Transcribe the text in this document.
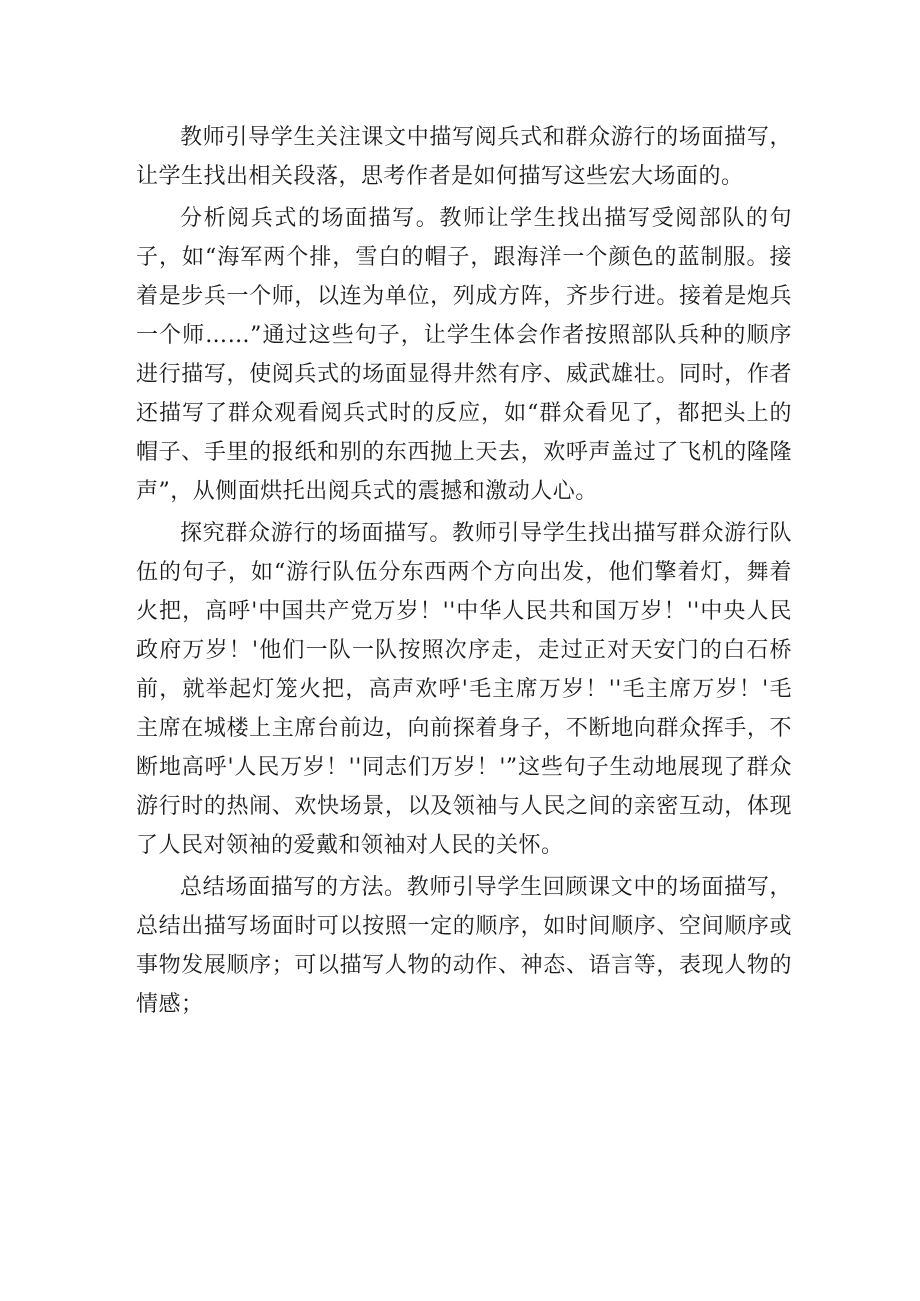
教师引导学生关注课文中描写阅兵式和群众游行的场面描写，让学生找出相关段落，思考作者是如何描写这些宏大场面的。

分析阅兵式的场面描写。教师让学生找出描写受阅部队的句子，如“海军两个排，雪白的帽子，跟海洋一个颜色的蓝制服。接着是步兵一个师，以连为单位，列成方阵，齐步行进。接着是炮兵一个师……”通过这些句子，让学生体会作者按照部队兵种的顺序进行描写，使阅兵式的场面显得井然有序、威武雄壮。同时，作者还描写了群众观看阅兵式时的反应，如“群众看见了，都把头上的帽子、手里的报纸和别的东西抛上天去，欢呼声盖过了飞机的隆隆声”，从侧面烘托出阅兵式的震撼和激动人心。

探究群众游行的场面描写。教师引导学生找出描写群众游行队伍的句子，如“游行队伍分东西两个方向出发，他们擎着灯，舞着火把，高呼'中国共产党万岁！''中华人民共和国万岁！''中央人民政府万岁！'他们一队一队按照次序走，走过正对天安门的白石桥前，就举起灯笼火把，高声欢呼'毛主席万岁！''毛主席万岁！'毛主席在城楼上主席台前边，向前探着身子，不断地向群众挥手，不断地高呼'人民万岁！''同志们万岁！'”这些句子生动地展现了群众游行时的热闹、欢快场景，以及领袖与人民之间的亲密互动，体现了人民对领袖的爱戴和领袖对人民的关怀。

总结场面描写的方法。教师引导学生回顾课文中的场面描写，总结出描写场面时可以按照一定的顺序，如时间顺序、空间顺序或事物发展顺序；可以描写人物的动作、神态、语言等，表现人物的情感；
